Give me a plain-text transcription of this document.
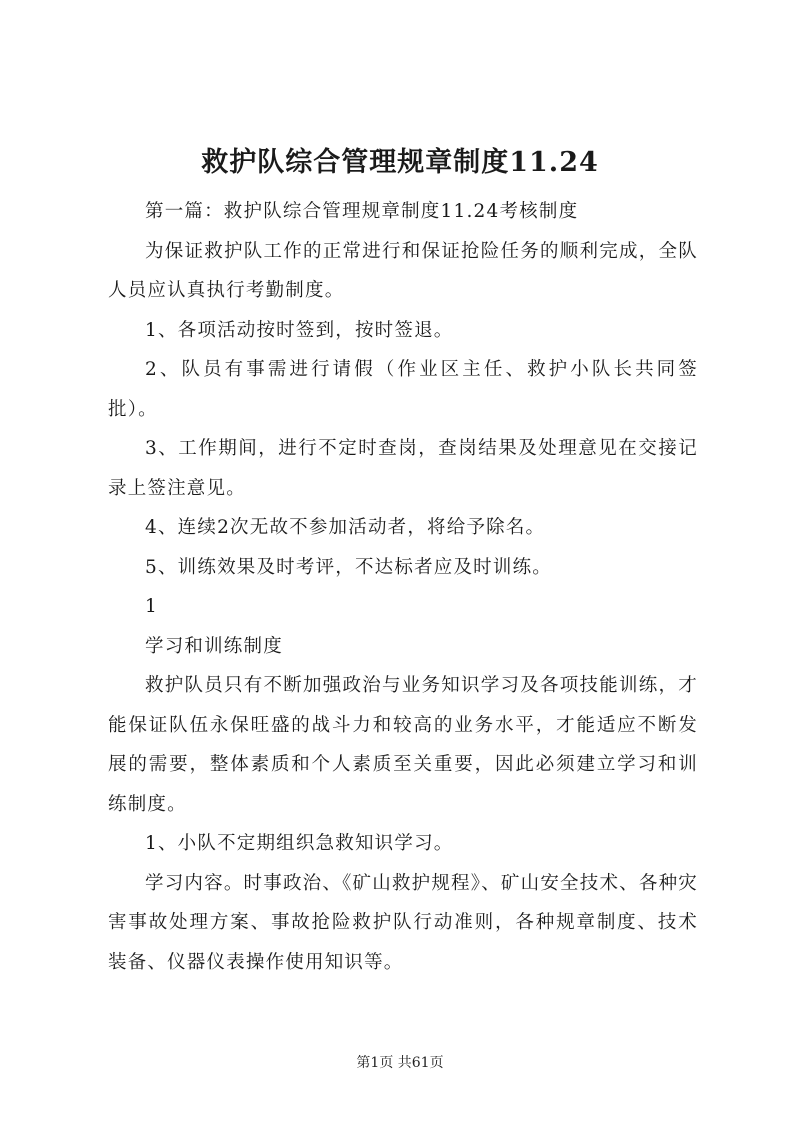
救护队综合管理规章制度11.24

第一篇：救护队综合管理规章制度11.24考核制度

为保证救护队工作的正常进行和保证抢险任务的顺利完成，全队人员应认真执行考勤制度。

1、各项活动按时签到，按时签退。

2、队员有事需进行请假（作业区主任、救护小队长共同签批）。

3、工作期间，进行不定时查岗，查岗结果及处理意见在交接记录上签注意见。

4、连续2次无故不参加活动者，将给予除名。

5、训练效果及时考评，不达标者应及时训练。

1

学习和训练制度

救护队员只有不断加强政治与业务知识学习及各项技能训练，才能保证队伍永保旺盛的战斗力和较高的业务水平，才能适应不断发展的需要，整体素质和个人素质至关重要，因此必须建立学习和训练制度。

1、小队不定期组织急救知识学习。

学习内容。时事政治、《矿山救护规程》、矿山安全技术、各种灾害事故处理方案、事故抢险救护队行动准则，各种规章制度、技术装备、仪器仪表操作使用知识等。

第1页 共61页
